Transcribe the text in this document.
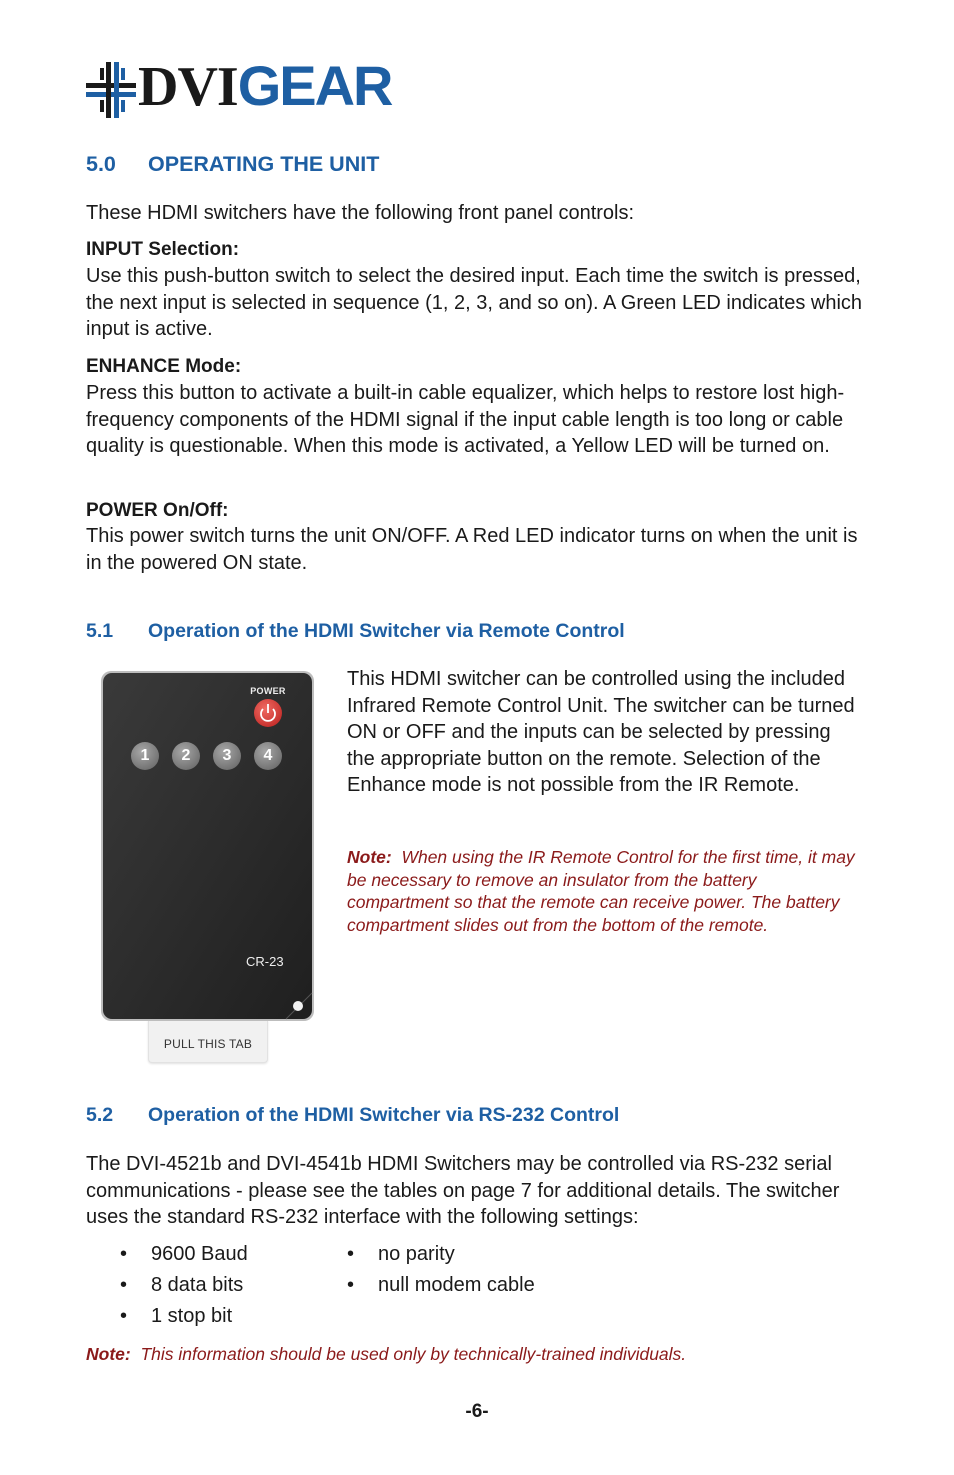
DVIGEAR
5.0 OPERATING THE UNIT

These HDMI switchers have the following front panel controls:

INPUT Selection:

Use this push-button switch to select the desired input. Each time the switch is pressed, the next input is selected in sequence (1, 2, 3, and so on). A Green LED indicates which input is active.

ENHANCE Mode:

Press this button to activate a built-in cable equalizer, which helps to restore lost high-frequency components of the HDMI signal if the input cable length is too long or cable quality is questionable. When this mode is activated, a Yellow LED will be turned on.

POWER On/Off:

This power switch turns the unit ON/OFF. A Red LED indicator turns on when the unit is in the powered ON state.

5.1 Operation of the HDMI Switcher via Remote Control
PULL THIS TAB
POWER
1	2	3	4
CR-23

This HDMI switcher can be controlled using the included Infrared Remote Control Unit. The switcher can be turned ON or OFF and the inputs can be selected by pressing the appropriate button on the remote. Selection of the Enhance mode is not possible from the IR Remote.

Note: When using the IR Remote Control for the first time, it may be necessary to remove an insulator from the battery compartment so that the remote can receive power. The battery compartment slides out from the bottom of the remote.

5.2 Operation of the HDMI Switcher via RS-232 Control

The DVI-4521b and DVI-4541b HDMI Switchers may be controlled via RS-232 serial communications - please see the tables on page 7 for additional details. The switcher uses the standard RS-232 interface with the following settings:

• 9600 Baud
• 8 data bits
• 1 stop bit
• no parity
• null modem cable

Note: This information should be used only by technically-trained individuals.

-6-
